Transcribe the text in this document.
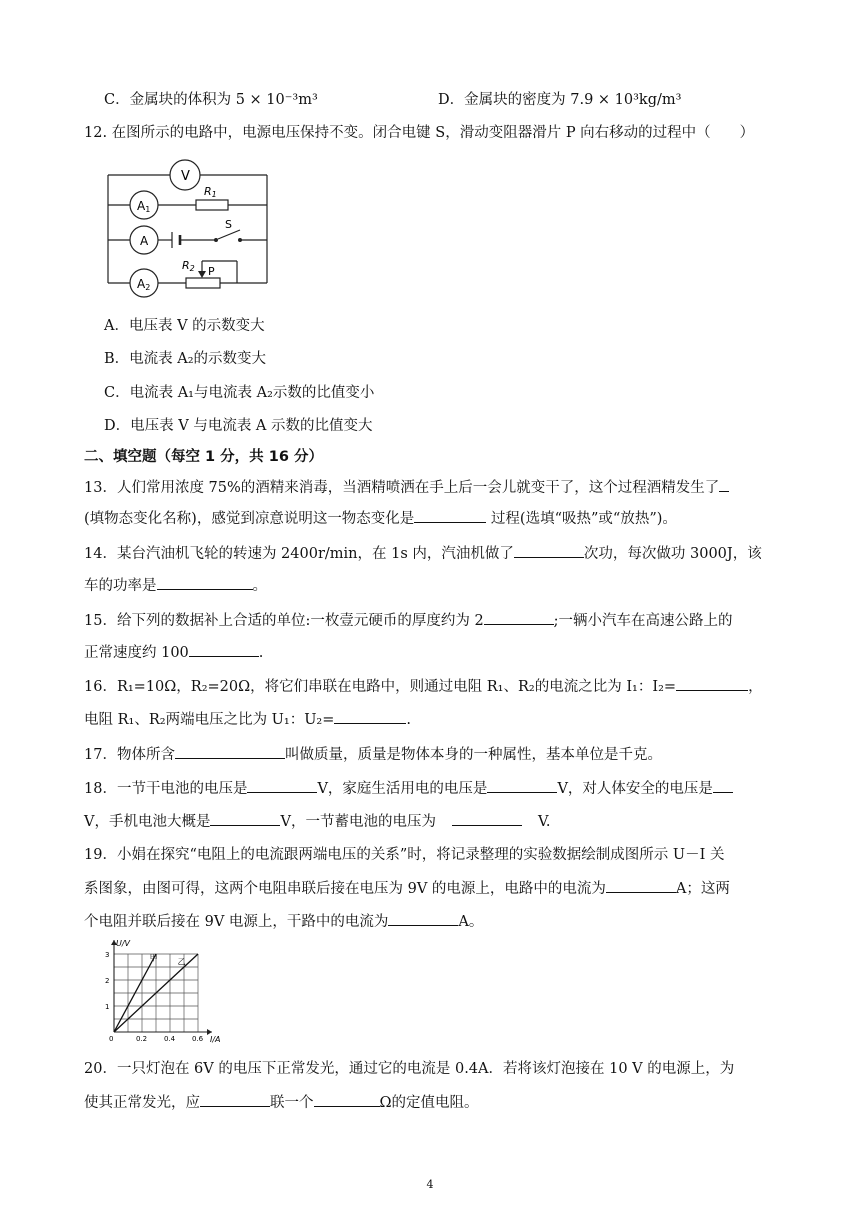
C．金属块的体积为 5 × 10⁻³m³	D．金属块的密度为 7.9 × 10³kg/m³
12. 在图所示的电路中，电源电压保持不变。闭合电键 S，滑动变阻器滑片 P 向右移动的过程中（　　）
V
A1
A
A2
R1
S
R2 P
A．电压表 V 的示数变大
B．电流表 A₂的示数变大
C．电流表 A₁与电流表 A₂示数的比值变小
D．电压表 V 与电流表 A 示数的比值变大
二、填空题（每空 1 分，共 16 分）
13．人们常用浓度 75%的酒精来消毒，当酒精喷洒在手上后一会儿就变干了，这个过程酒精发生了
(填物态变化名称)，感觉到凉意说明这一物态变化是	过程(选填“吸热”或“放热”)。
14．某台汽油机飞轮的转速为 2400r/min，在 1s 内，汽油机做了	次功，每次做功 3000J，该
车的功率是	。
15．给下列的数据补上合适的单位:一枚壹元硬币的厚度约为 2	;一辆小汽车在高速公路上的
正常速度约 100	.
16．R₁=10Ω，R₂=20Ω，将它们串联在电路中，则通过电阻 R₁、R₂的电流之比为 I₁：I₂=	，
电阻 R₁、R₂两端电压之比为 U₁：U₂=	.
17．物体所含	叫做质量，质量是物体本身的一种属性，基本单位是千克。
18．一节干电池的电压是	V，家庭生活用电的电压是	V，对人体安全的电压是
V，手机电池大概是	V，一节蓄电池的电压为	V.
19．小娟在探究“电阻上的电流跟两端电压的关系”时，将记录整理的实验数据绘制成图所示 U－I 关
系图象，由图可得，这两个电阻串联后接在电压为 9V 的电源上，电路中的电流为	A；这两
个电阻并联后接在 9V 电源上，干路中的电流为	A。
U/V
I/A
0	0.2 0.4 0.6
1
2
3	甲	乙
20．一只灯泡在 6V 的电压下正常发光，通过它的电流是 0.4A．若将该灯泡接在 10 V 的电源上，为
使其正常发光，应	联一个	Ω的定值电阻。
4
